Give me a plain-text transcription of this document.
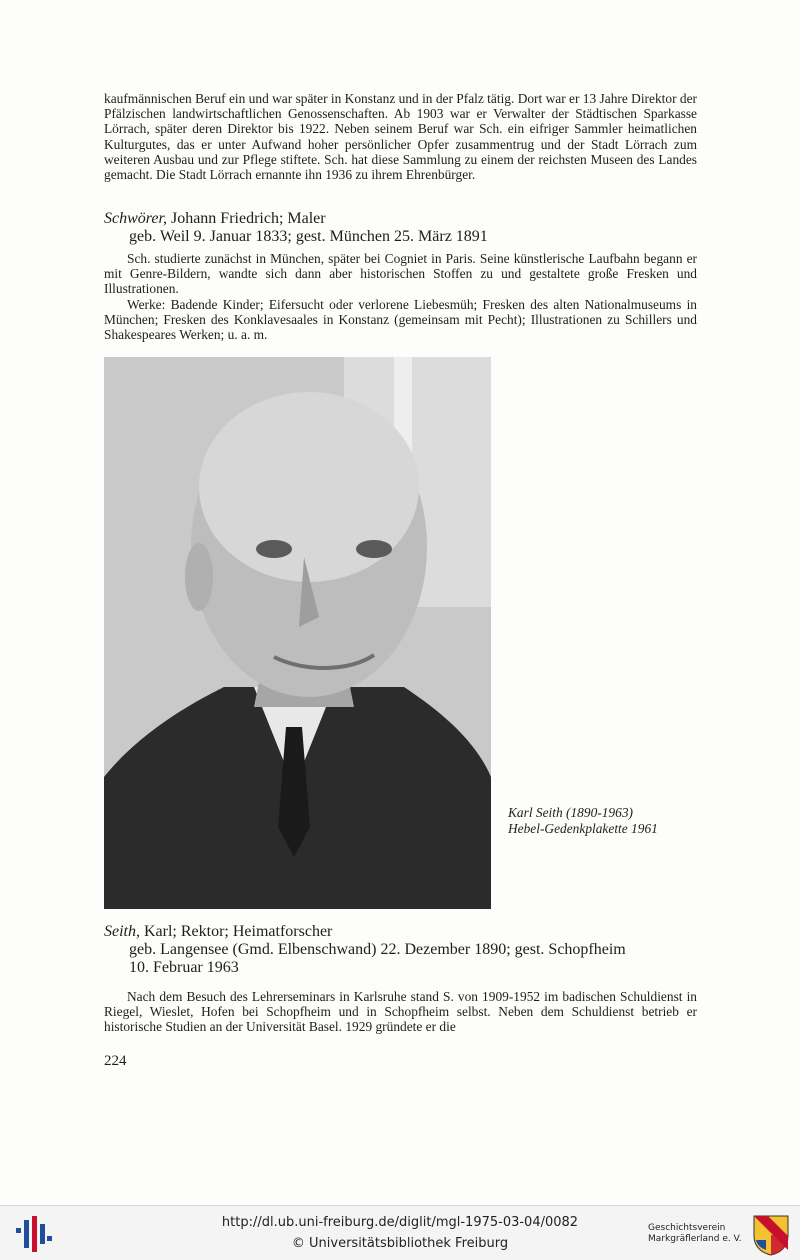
kaufmännischen Beruf ein und war später in Konstanz und in der Pfalz tätig. Dort war er 13 Jahre Direktor der Pfälzischen landwirtschaftlichen Genossenschaften. Ab 1903 war er Verwalter der Städtischen Sparkasse Lörrach, später deren Direktor bis 1922. Neben seinem Beruf war Sch. ein eifriger Sammler heimatlichen Kulturgutes, das er unter Aufwand hoher persönlicher Opfer zusammentrug und der Stadt Lörrach zum weiteren Ausbau und zur Pflege stiftete. Sch. hat diese Sammlung zu einem der reichsten Museen des Landes gemacht. Die Stadt Lörrach ernannte ihn 1936 zu ihrem Ehrenbürger.

Schwörer, Johann Friedrich; Maler
geb. Weil 9. Januar 1833; gest. München 25. März 1891

Sch. studierte zunächst in München, später bei Cogniet in Paris. Seine künstlerische Laufbahn begann er mit Genre-Bildern, wandte sich dann aber historischen Stoffen zu und gestaltete große Fresken und Illustrationen.

Werke: Badende Kinder; Eifersucht oder verlorene Liebesmüh; Fresken des alten Nationalmuseums in München; Fresken des Konklavesaales in Konstanz (gemeinsam mit Pecht); Illustrationen zu Schillers und Shakespeares Werken; u. a. m.

Karl Seith (1890-1963)
Hebel-Gedenkplakette 1961
Seith, Karl; Rektor; Heimatforscher
geb. Langensee (Gmd. Elbenschwand) 22. Dezember 1890; gest. Schopfheim
10. Februar 1963

Nach dem Besuch des Lehrerseminars in Karlsruhe stand S. von 1909-1952 im badischen Schuldienst in Riegel, Wieslet, Hofen bei Schopfheim und in Schopfheim selbst. Neben dem Schuldienst betrieb er historische Studien an der Universität Basel. 1929 gründete er die

224
http://dl.ub.uni-freiburg.de/diglit/mgl-1975-03-04/0082
© Universitätsbibliothek Freiburg
Geschichtsverein
Markgräflerland e. V.
